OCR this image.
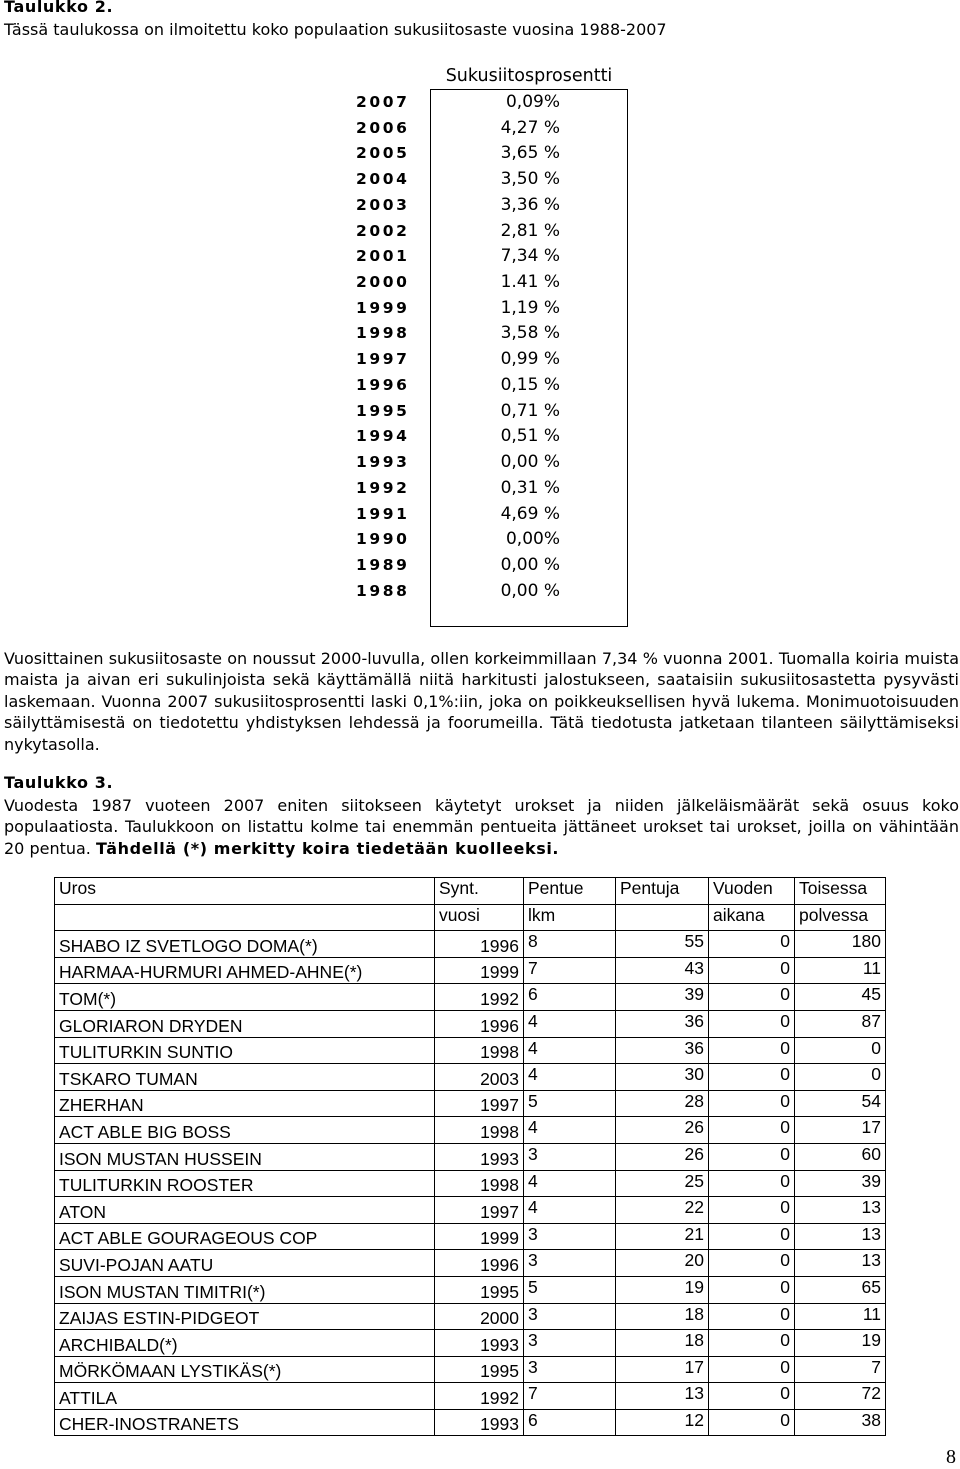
Taulukko 2.

Tässä taulukossa on ilmoitettu koko populaation sukusiitosaste vuosina 1988-2007

Sukusiitosprosentti
2007	0,09%
2006	4,27 %
2005	3,65 %
2004	3,50 %
2003	3,36 %
2002	2,81 %
2001	7,34 %
2000	1.41 %
1999	1,19 %
1998	3,58 %
1997	0,99 %
1996	0,15 %
1995	0,71 %
1994	0,51 %
1993	0,00 %
1992	0,31 %
1991	4,69 %
1990	0,00%
1989	0,00 %
1988	0,00 %

Vuosittainen sukusiitosaste on noussut 2000-luvulla, ollen korkeimmillaan 7,34 % vuonna 2001. Tuomalla koiria muista maista ja aivan eri sukulinjoista sekä käyttämällä niitä harkitusti jalostukseen, saataisiin sukusiitosastetta pysyvästi laskemaan. Vuonna 2007 sukusiitosprosentti laski 0,1%:iin, joka on poikkeuksellisen hyvä lukema. Monimuotoisuuden säilyttämisestä on tiedotettu yhdistyksen lehdessä ja foorumeilla. Tätä tiedotusta jatketaan tilanteen säilyttämiseksi nykytasolla.

Taulukko 3.

Vuodesta 1987 vuoteen 2007 eniten siitokseen käytetyt urokset ja niiden jälkeläismäärät sekä osuus koko populaatiosta. Taulukkoon on listattu kolme tai enemmän pentueita jättäneet urokset tai urokset, joilla on vähintään 20 pentua. Tähdellä (*) merkitty koira tiedetään kuolleeksi.

Uros	Synt.	Pentue	Pentuja	Vuoden	Toisessa
	vuosi	lkm		aikana	polvessa
SHABO IZ SVETLOGO DOMA(*)	1996	8	55	0	180
HARMAA-HURMURI AHMED-AHNE(*)	1999	7	43	0	11
TOM(*)	1992	6	39	0	45
GLORIARON DRYDEN	1996	4	36	0	87
TULITURKIN SUNTIO	1998	4	36	0	0
TSKARO TUMAN	2003	4	30	0	0
ZHERHAN	1997	5	28	0	54
ACT ABLE BIG BOSS	1998	4	26	0	17
ISON MUSTAN HUSSEIN	1993	3	26	0	60
TULITURKIN ROOSTER	1998	4	25	0	39
ATON	1997	4	22	0	13
ACT ABLE GOURAGEOUS COP	1999	3	21	0	13
SUVI-POJAN AATU	1996	3	20	0	13
ISON MUSTAN TIMITRI(*)	1995	5	19	0	65
ZAIJAS ESTIN-PIDGEOT	2000	3	18	0	11
ARCHIBALD(*)	1993	3	18	0	19
MÖRKÖMAAN LYSTIKÄS(*)	1995	3	17	0	7
ATTILA	1992	7	13	0	72
CHER-INOSTRANETS	1993	6	12	0	38
8
